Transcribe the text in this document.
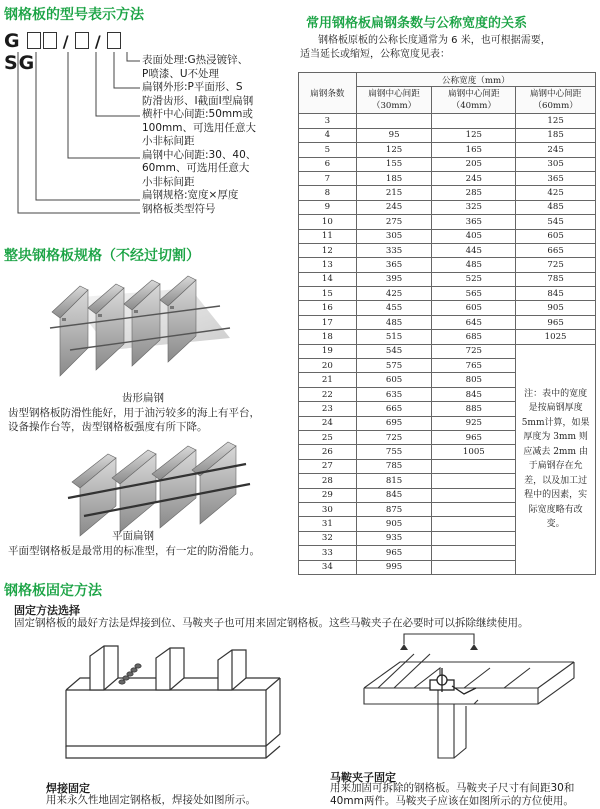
钢格板的型号表示方法
G	/ /  SG	表面处理:G热浸镀锌、
P喷漆、U不处理
扁钢外形:P平面形、S
防滑齿形、I截面I型扁钢
横杆中心间距:50mm或
100mm、可选用任意大
小非标间距
扁钢中心间距:30、40、
60mm、可选用任意大
小非标间距
扁钢规格:宽度×厚度
钢格板类型符号
整块钢格板规格（不经过切割）
齿形扁钢
齿型钢格板防滑性能好，用于油污较多的海上有平台，
设备操作台等，齿型钢格板强度有所下降。
平面扁钢
平面型钢格板是最常用的标准型，有一定的防滑能力。
常用钢格板扁钢条数与公称宽度的关系
钢格板原板的公称长度通常为 6 米，也可根据需要，
适当延长或缩短，公称宽度见表：
扁钢条数	公称宽度（mm）		
	扁钢中心间距（30mm）	扁钢中心间距（40mm）	扁钢中心间距（60mm）
3			125
4	95	125	185
5	125	165	245
6	155	205	305
7	185	245	365
8	215	285	425
9	245	325	485
10	275	365	545
11	305	405	605
12	335	445	665
13	365	485	725
14	395	525	785
15	425	565	845
16	455	605	905
17	485	645	965
18	515	685	1025
19	545	725	注：表中的宽度是按扁钢厚度5mm计算，如果厚度为 3mm 则应减去 2mm 由于扁钢存在允差，以及加工过程中的因素，实际宽度略有改变。
20	575	765	
21	605	805	
22	635	845	
23	665	885	
24	695	925	
25	725	965	
26	755	1005	
27	785		
28	815		
29	845		
30	875		
31	905		
32	935		
33	965		
34	995		
钢格板固定方法
固定方法选择
固定钢格板的最好方法是焊接到位、马鞍夹子也可用来固定钢格板。这些马鞍夹子在必要时可以拆除继续使用。
焊接固定
用来永久性地固定钢格板，焊接处如图所示。
马鞍夹子固定
用来加固可拆除的钢格板。马鞍夹子尺寸有间距30和
40mm两件。马鞍夹子应该在如图所示的方位使用。
